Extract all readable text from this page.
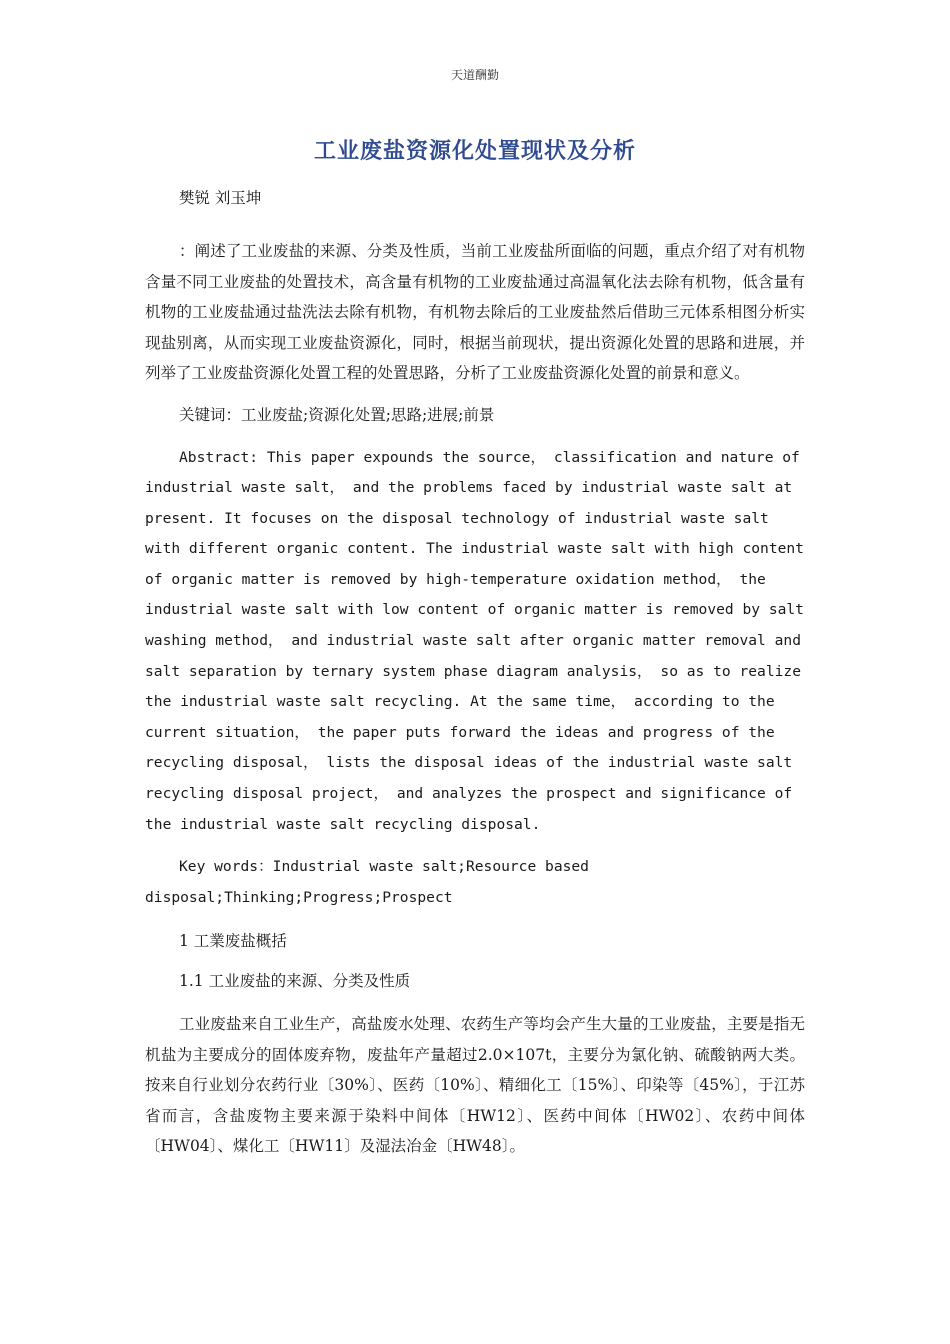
天道酬勤
工业废盐资源化处置现状及分析
樊锐 刘玉坤

：阐述了工业废盐的来源、分类及性质，当前工业废盐所面临的问题，重点介绍了对有机物含量不同工业废盐的处置技术，高含量有机物的工业废盐通过高温氧化法去除有机物，低含量有机物的工业废盐通过盐洗法去除有机物，有机物去除后的工业废盐然后借助三元体系相图分析实现盐别离，从而实现工业废盐资源化，同时，根据当前现状，提出资源化处置的思路和进展，并列举了工业废盐资源化处置工程的处置思路，分析了工业废盐资源化处置的前景和意义。

关键词：工业废盐;资源化处置;思路;进展;前景

Abstract: This paper expounds the source， classification and nature of industrial waste salt， and the problems faced by industrial waste salt at present. It focuses on the disposal technology of industrial waste salt with different organic content. The industrial waste salt with high content of organic matter is removed by high-temperature oxidation method， the industrial waste salt with low content of organic matter is removed by salt washing method， and industrial waste salt after organic matter removal and salt separation by ternary system phase diagram analysis， so as to realize the industrial waste salt recycling. At the same time， according to the current situation， the paper puts forward the ideas and progress of the recycling disposal， lists the disposal ideas of the industrial waste salt recycling disposal project， and analyzes the prospect and significance of the industrial waste salt recycling disposal.

Key words：Industrial waste salt;Resource based disposal;Thinking;Progress;Prospect

1 工業废盐概括
1.1 工业废盐的来源、分类及性质

工业废盐来自工业生产，高盐废水处理、农药生产等均会产生大量的工业废盐，主要是指无机盐为主要成分的固体废弃物，废盐年产量超过2.0×107t，主要分为氯化钠、硫酸钠两大类。按来自行业划分农药行业〔30%〕、医药〔10%〕、精细化工〔15%〕、印染等〔45%〕，于江苏省而言，含盐废物主要来源于染料中间体〔HW12〕、医药中间体〔HW02〕、农药中间体〔HW04〕、煤化工〔HW11〕及湿法冶金〔HW48〕。
